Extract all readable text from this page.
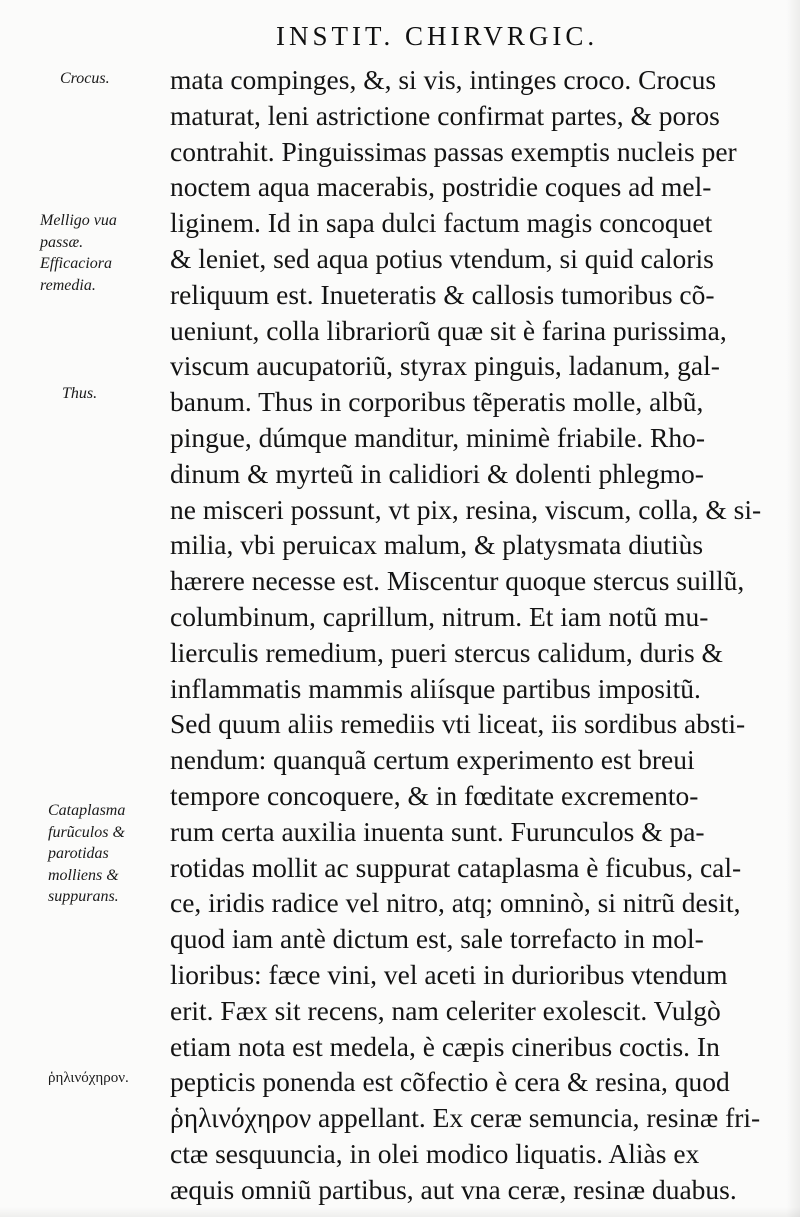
INSTIT. CHIRVRGIC.
Crocus.
Melligo vua
passæ.
Efficaciora
remedia.
Thus.
Cataplasma
furũculos &
parotidas
molliens &
suppurans.
ῥηλινόχηρον.
mata compinges, &, si vis, intinges croco. Crocus
maturat, leni astrictione confirmat partes, & poros
contrahit. Pinguissimas passas exemptis nucleis per
noctem aqua macerabis, postridie coques ad mel-
liginem. Id in sapa dulci factum magis concoquet
& leniet, sed aqua potius vtendum, si quid caloris
reliquum est. Inueteratis & callosis tumoribus cõ-
ueniunt, colla librariorũ quæ sit è farina purissima,
viscum aucupatoriũ, styrax pinguis, ladanum, gal-
banum. Thus in corporibus tẽperatis molle, albũ,
pingue, dúmque manditur, minimè friabile. Rho-
dinum & myrteũ in calidiori & dolenti phlegmo-
ne misceri possunt, vt pix, resina, viscum, colla, & si-
milia, vbi peruicax malum, & platysmata diutiùs
hærere necesse est. Miscentur quoque stercus suillũ,
columbinum, caprillum, nitrum. Et iam notũ mu-
lierculis remedium, pueri stercus calidum, duris &
inflammatis mammis aliísque partibus impositũ.
Sed quum aliis remediis vti liceat, iis sordibus absti-
nendum: quanquã certum experimento est breui
tempore concoquere, & in fœditate excremento-
rum certa auxilia inuenta sunt. Furunculos & pa-
rotidas mollit ac suppurat cataplasma è ficubus, cal-
ce, iridis radice vel nitro, atq; omninò, si nitrũ desit,
quod iam antè dictum est, sale torrefacto in mol-
lioribus: fæce vini, vel aceti in durioribus vtendum
erit. Fæx sit recens, nam celeriter exolescit. Vulgò
etiam nota est medela, è cæpis cineribus coctis. In
pepticis ponenda est cõfectio è cera & resina, quod
ῥηλινόχηρον appellant. Ex ceræ semuncia, resinæ fri-
ctæ sesquuncia, in olei modico liquatis. Aliàs ex
æquis omniũ partibus, aut vna ceræ, resinæ duabus.
